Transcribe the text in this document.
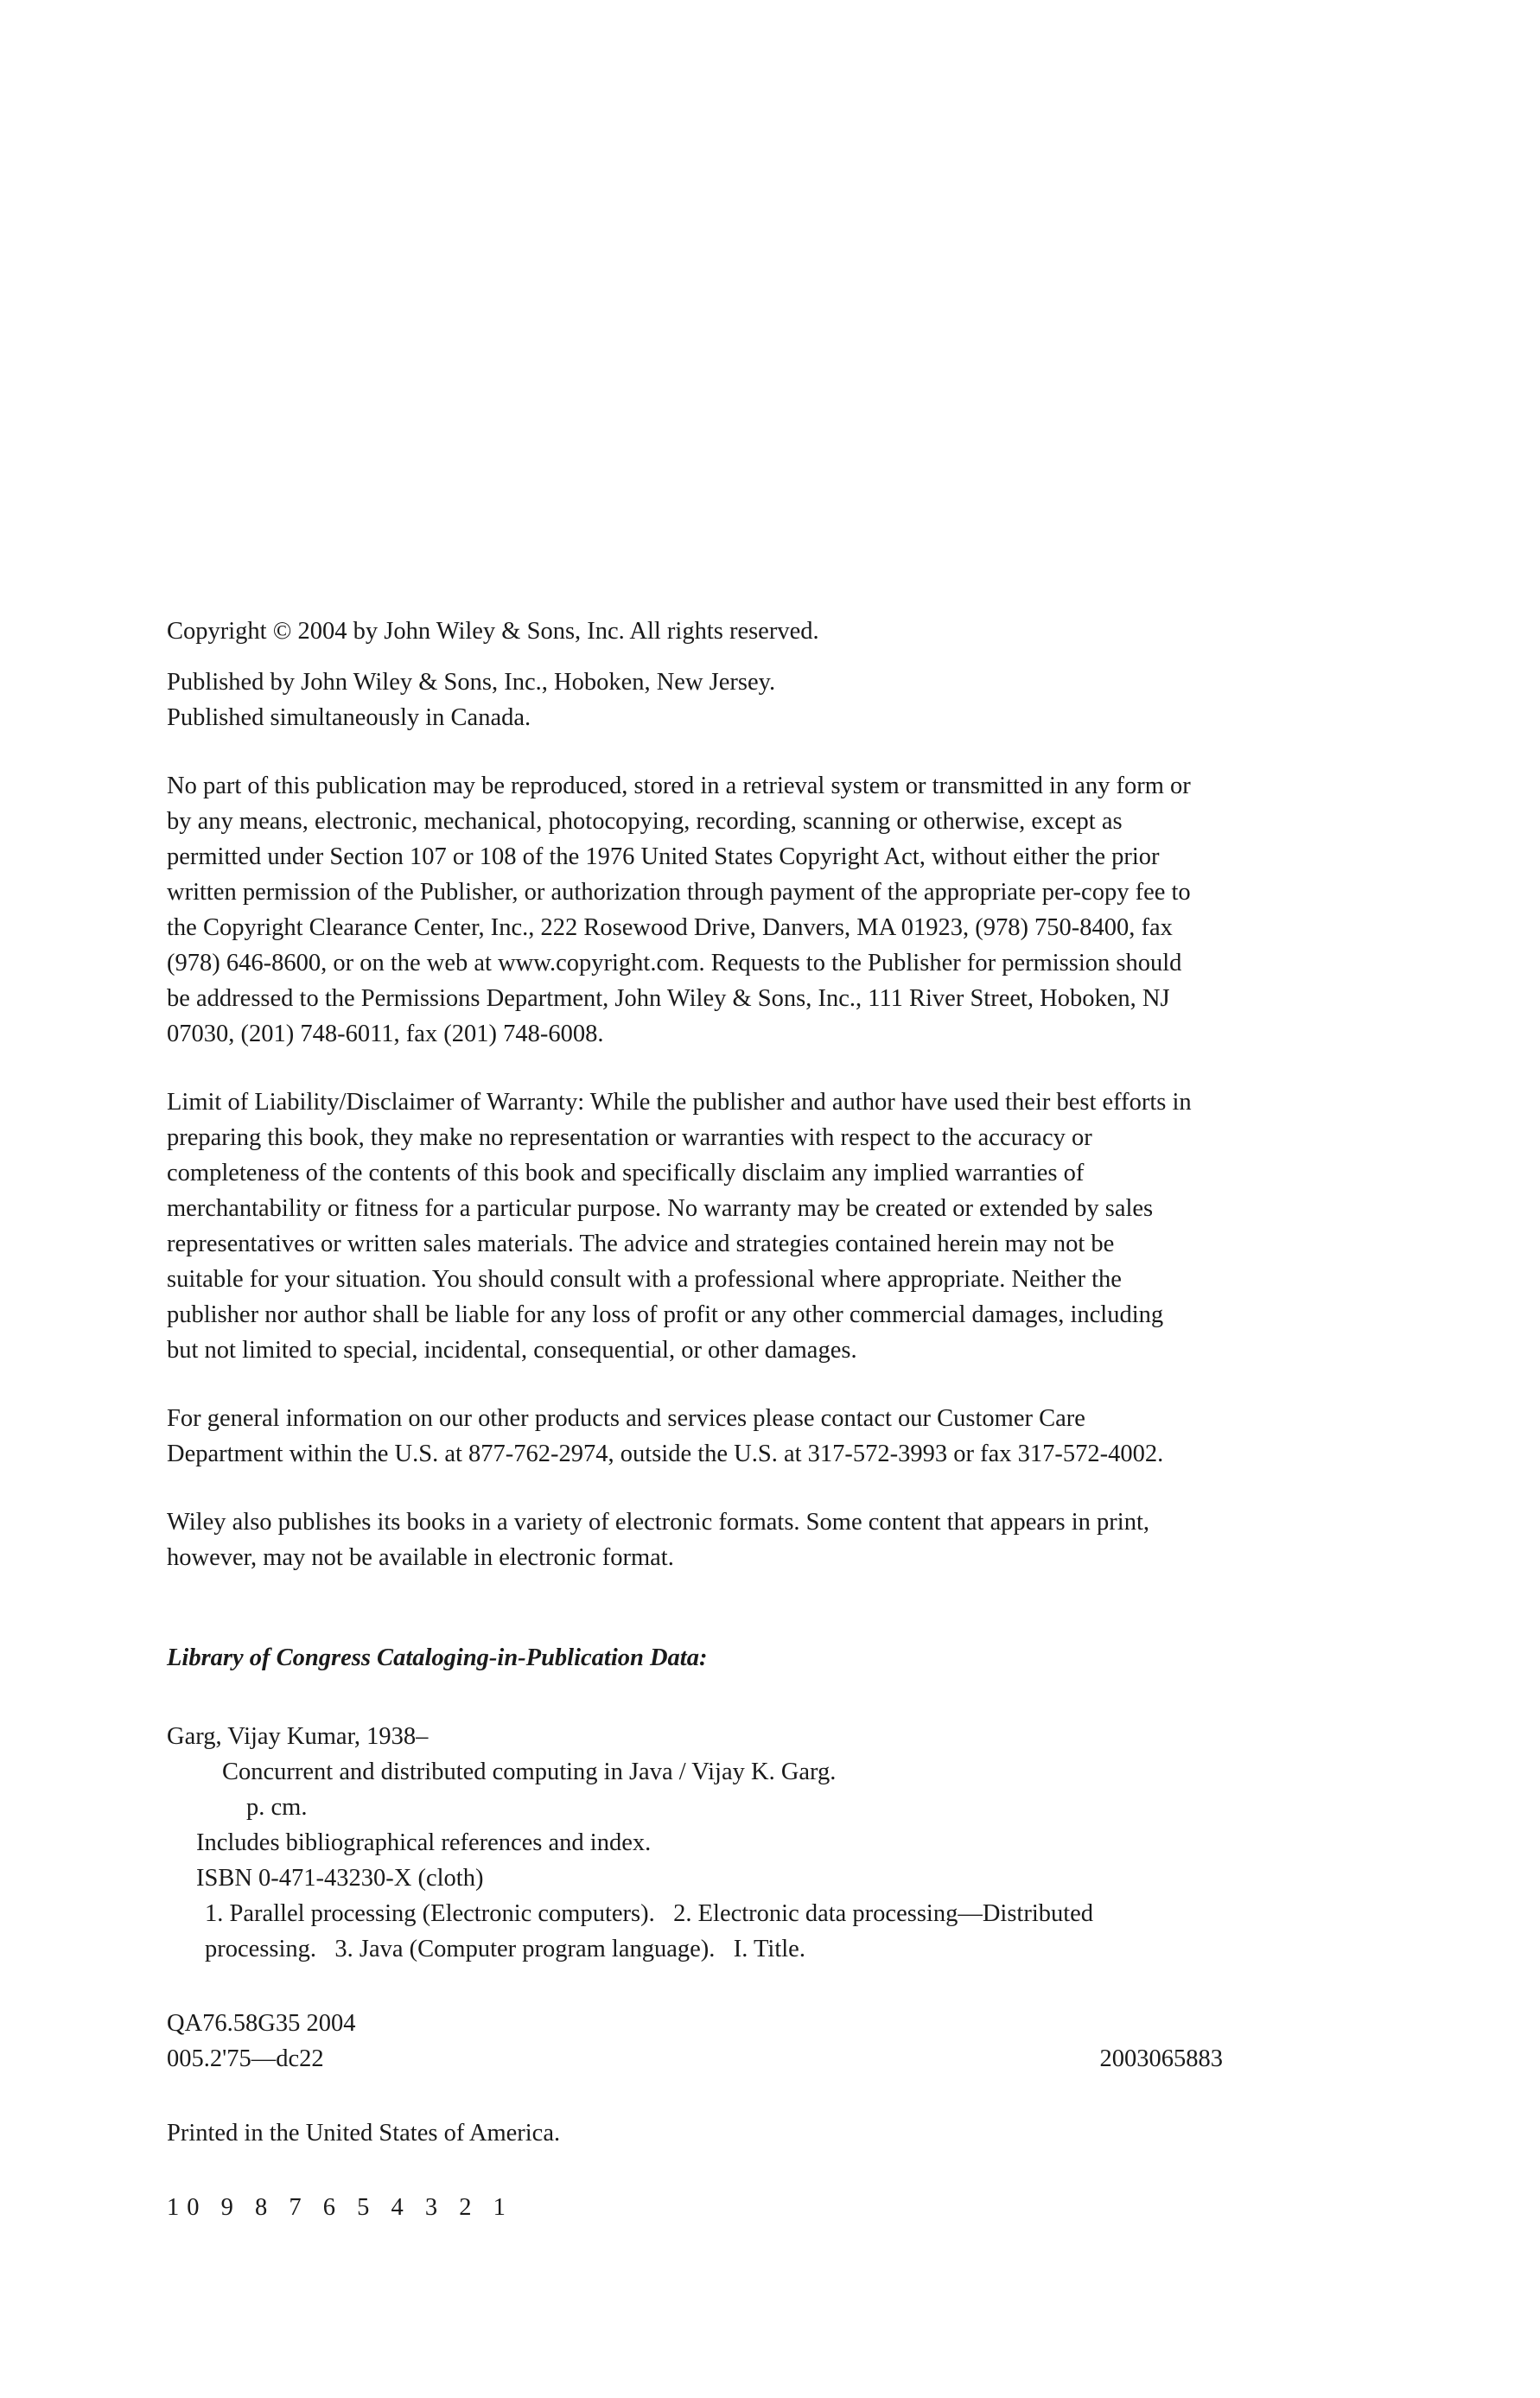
Copyright © 2004 by John Wiley & Sons, Inc. All rights reserved.
Published by John Wiley & Sons, Inc., Hoboken, New Jersey.
Published simultaneously in Canada.

No part of this publication may be reproduced, stored in a retrieval system or transmitted in any form or
by any means, electronic, mechanical, photocopying, recording, scanning or otherwise, except as
permitted under Section 107 or 108 of the 1976 United States Copyright Act, without either the prior
written permission of the Publisher, or authorization through payment of the appropriate per-copy fee to
the Copyright Clearance Center, Inc., 222 Rosewood Drive, Danvers, MA 01923, (978) 750-8400, fax
(978) 646-8600, or on the web at www.copyright.com. Requests to the Publisher for permission should
be addressed to the Permissions Department, John Wiley & Sons, Inc., 111 River Street, Hoboken, NJ
07030, (201) 748-6011, fax (201) 748-6008.

Limit of Liability/Disclaimer of Warranty: While the publisher and author have used their best efforts in
preparing this book, they make no representation or warranties with respect to the accuracy or
completeness of the contents of this book and specifically disclaim any implied warranties of
merchantability or fitness for a particular purpose. No warranty may be created or extended by sales
representatives or written sales materials. The advice and strategies contained herein may not be
suitable for your situation. You should consult with a professional where appropriate. Neither the
publisher nor author shall be liable for any loss of profit or any other commercial damages, including
but not limited to special, incidental, consequential, or other damages.

For general information on our other products and services please contact our Customer Care
Department within the U.S. at 877-762-2974, outside the U.S. at 317-572-3993 or fax 317-572-4002.

Wiley also publishes its books in a variety of electronic formats. Some content that appears in print,
however, may not be available in electronic format.

Library of Congress Cataloging-in-Publication Data:

Garg, Vijay Kumar, 1938–
Concurrent and distributed computing in Java / Vijay K. Garg.
p. cm.
Includes bibliographical references and index.
ISBN 0-471-43230-X (cloth)
1. Parallel processing (Electronic computers).   2. Electronic data processing—Distributed
processing.   3. Java (Computer program language).   I. Title.
QA76.58G35 2004
005.2'75—dc22	2003065883

Printed in the United States of America.

10 9 8 7 6 5 4 3 2 1
